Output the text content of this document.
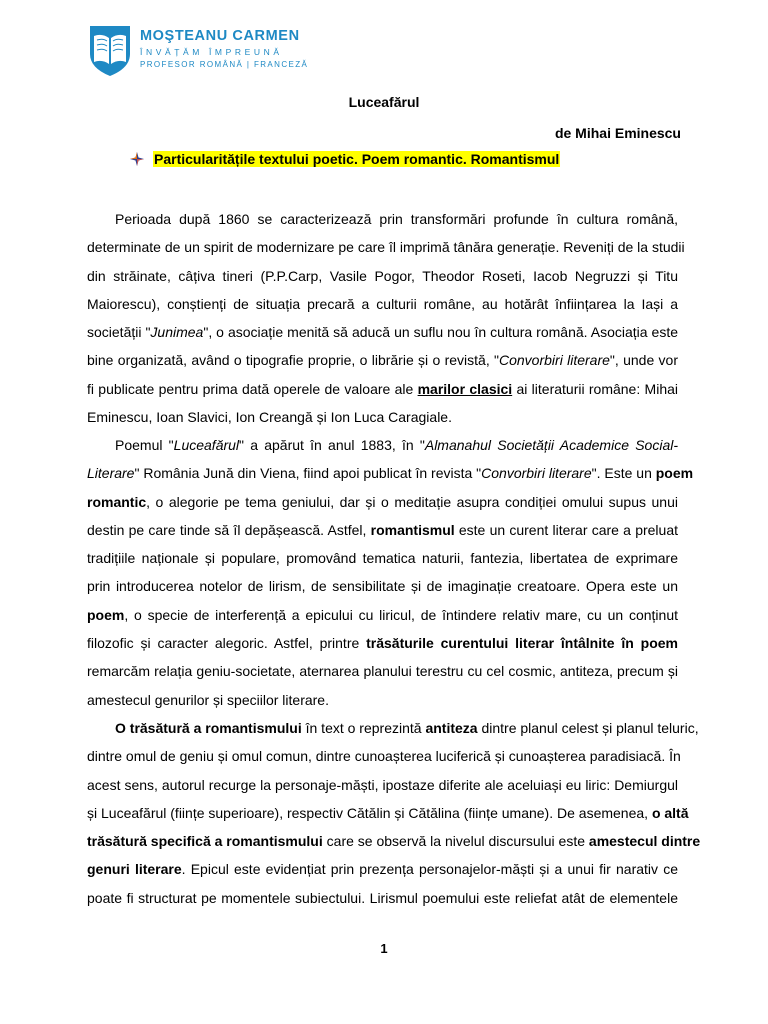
MOŞTEANU CARMEN
ÎNVĂȚĂM ÎMPREUNĂ
PROFESOR ROMÂNĂ | FRANCEZĂ
Luceafărul
de Mihai Eminescu
Particularitățile textului poetic. Poem romantic. Romantismul
Perioada după 1860 se caracterizează prin transformări profunde în cultura română,
determinate de un spirit de modernizare pe care îl imprimă tânăra generație. Reveniți de la studii
din străinate, câțiva tineri (P.P.Carp, Vasile Pogor, Theodor Roseti, Iacob Negruzzi și Titu
Maiorescu), conștienți de situația precară a culturii române, au hotărât înființarea la Iași a
societății "Junimea", o asociație menită să aducă un suflu nou în cultura română. Asociația este
bine organizată, având o tipografie proprie, o librărie și o revistă, "Convorbiri literare", unde vor
fi publicate pentru prima dată operele de valoare ale marilor clasici ai literaturii române: Mihai
Eminescu, Ioan Slavici, Ion Creangă și Ion Luca Caragiale.
Poemul "Luceafărul" a apărut în anul 1883, în "Almanahul Societății Academice Social-
Literare" România Jună din Viena, fiind apoi publicat în revista "Convorbiri literare". Este un poem
romantic, o alegorie pe tema geniului, dar și o meditație asupra condiției omului supus unui
destin pe care tinde să îl depășească. Astfel, romantismul este un curent literar care a preluat
tradițiile naționale și populare, promovând tematica naturii, fantezia, libertatea de exprimare
prin introducerea notelor de lirism, de sensibilitate și de imaginație creatoare. Opera este un
poem, o specie de interferență a epicului cu liricul, de întindere relativ mare, cu un conținut
filozofic și caracter alegoric. Astfel, printre trăsăturile curentului literar întâlnite în poem
remarcăm relația geniu-societate, aternarea planului terestru cu cel cosmic, antiteza, precum și
amestecul genurilor și speciilor literare.
O trăsătură a romantismului în text o reprezintă antiteza dintre planul celest și planul teluric,
dintre omul de geniu și omul comun, dintre cunoașterea luciferică și cunoașterea paradisiacă. În
acest sens, autorul recurge la personaje-măști, ipostaze diferite ale aceluiași eu liric: Demiurgul
și Luceafărul (ființe superioare), respectiv Cătălin și Cătălina (ființe umane). De asemenea, o altă
trăsătură specifică a romantismului care se observă la nivelul discursului este amestecul dintre
genuri literare. Epicul este evidențiat prin prezența personajelor-măști și a unui fir narativ ce
poate fi structurat pe momentele subiectului. Lirismul poemului este reliefat atât de elementele
1
